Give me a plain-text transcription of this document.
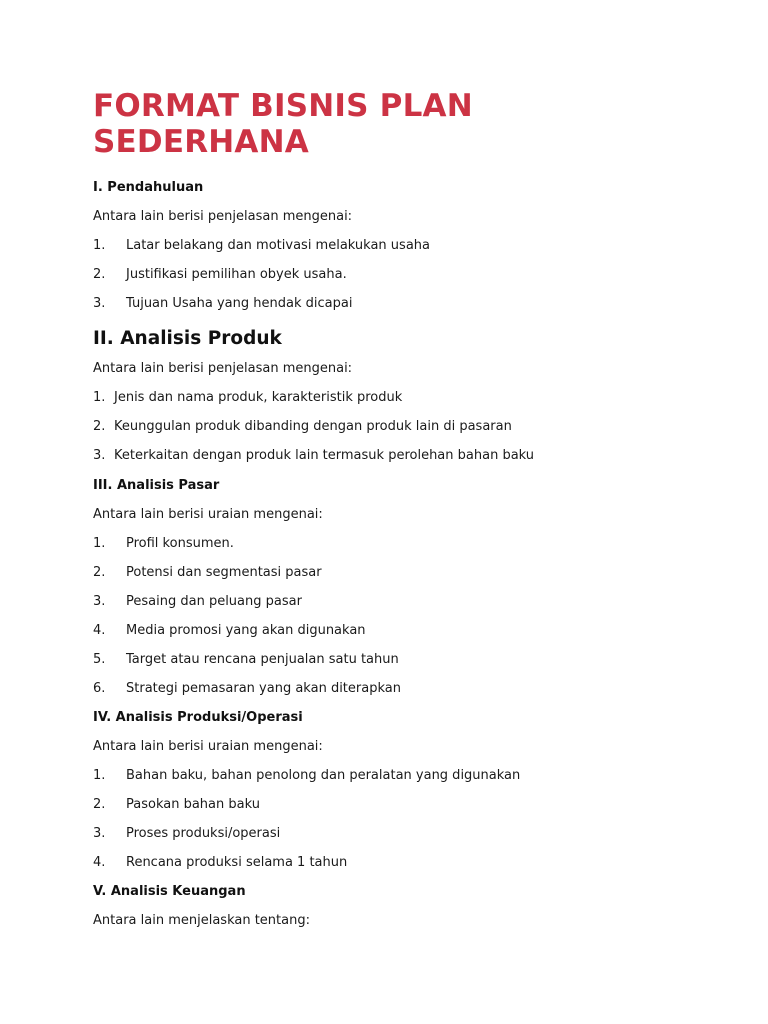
FORMAT BISNIS PLAN SEDERHANA
I. Pendahuluan

Antara lain berisi penjelasan mengenai:

1.	Latar belakang dan motivasi melakukan usaha
2.	Justifikasi pemilihan obyek usaha.
3.	Tujuan Usaha yang hendak dicapai
II. Analisis Produk

Antara lain berisi penjelasan mengenai:

1. Jenis dan nama produk, karakteristik produk
2. Keunggulan produk dibanding dengan produk lain di pasaran
3. Keterkaitan dengan produk lain termasuk perolehan bahan baku
III. Analisis Pasar

Antara lain berisi uraian mengenai:

1.	Profil konsumen.
2.	Potensi dan segmentasi pasar
3.	Pesaing dan peluang pasar
4.	Media promosi yang akan digunakan
5.	Target atau rencana penjualan satu tahun
6.	Strategi pemasaran yang akan diterapkan
IV. Analisis Produksi/Operasi

Antara lain berisi uraian mengenai:

1.	Bahan baku, bahan penolong dan peralatan yang digunakan
2.	Pasokan bahan baku
3.	Proses produksi/operasi
4.	Rencana produksi selama 1 tahun
V. Analisis Keuangan

Antara lain menjelaskan tentang:
